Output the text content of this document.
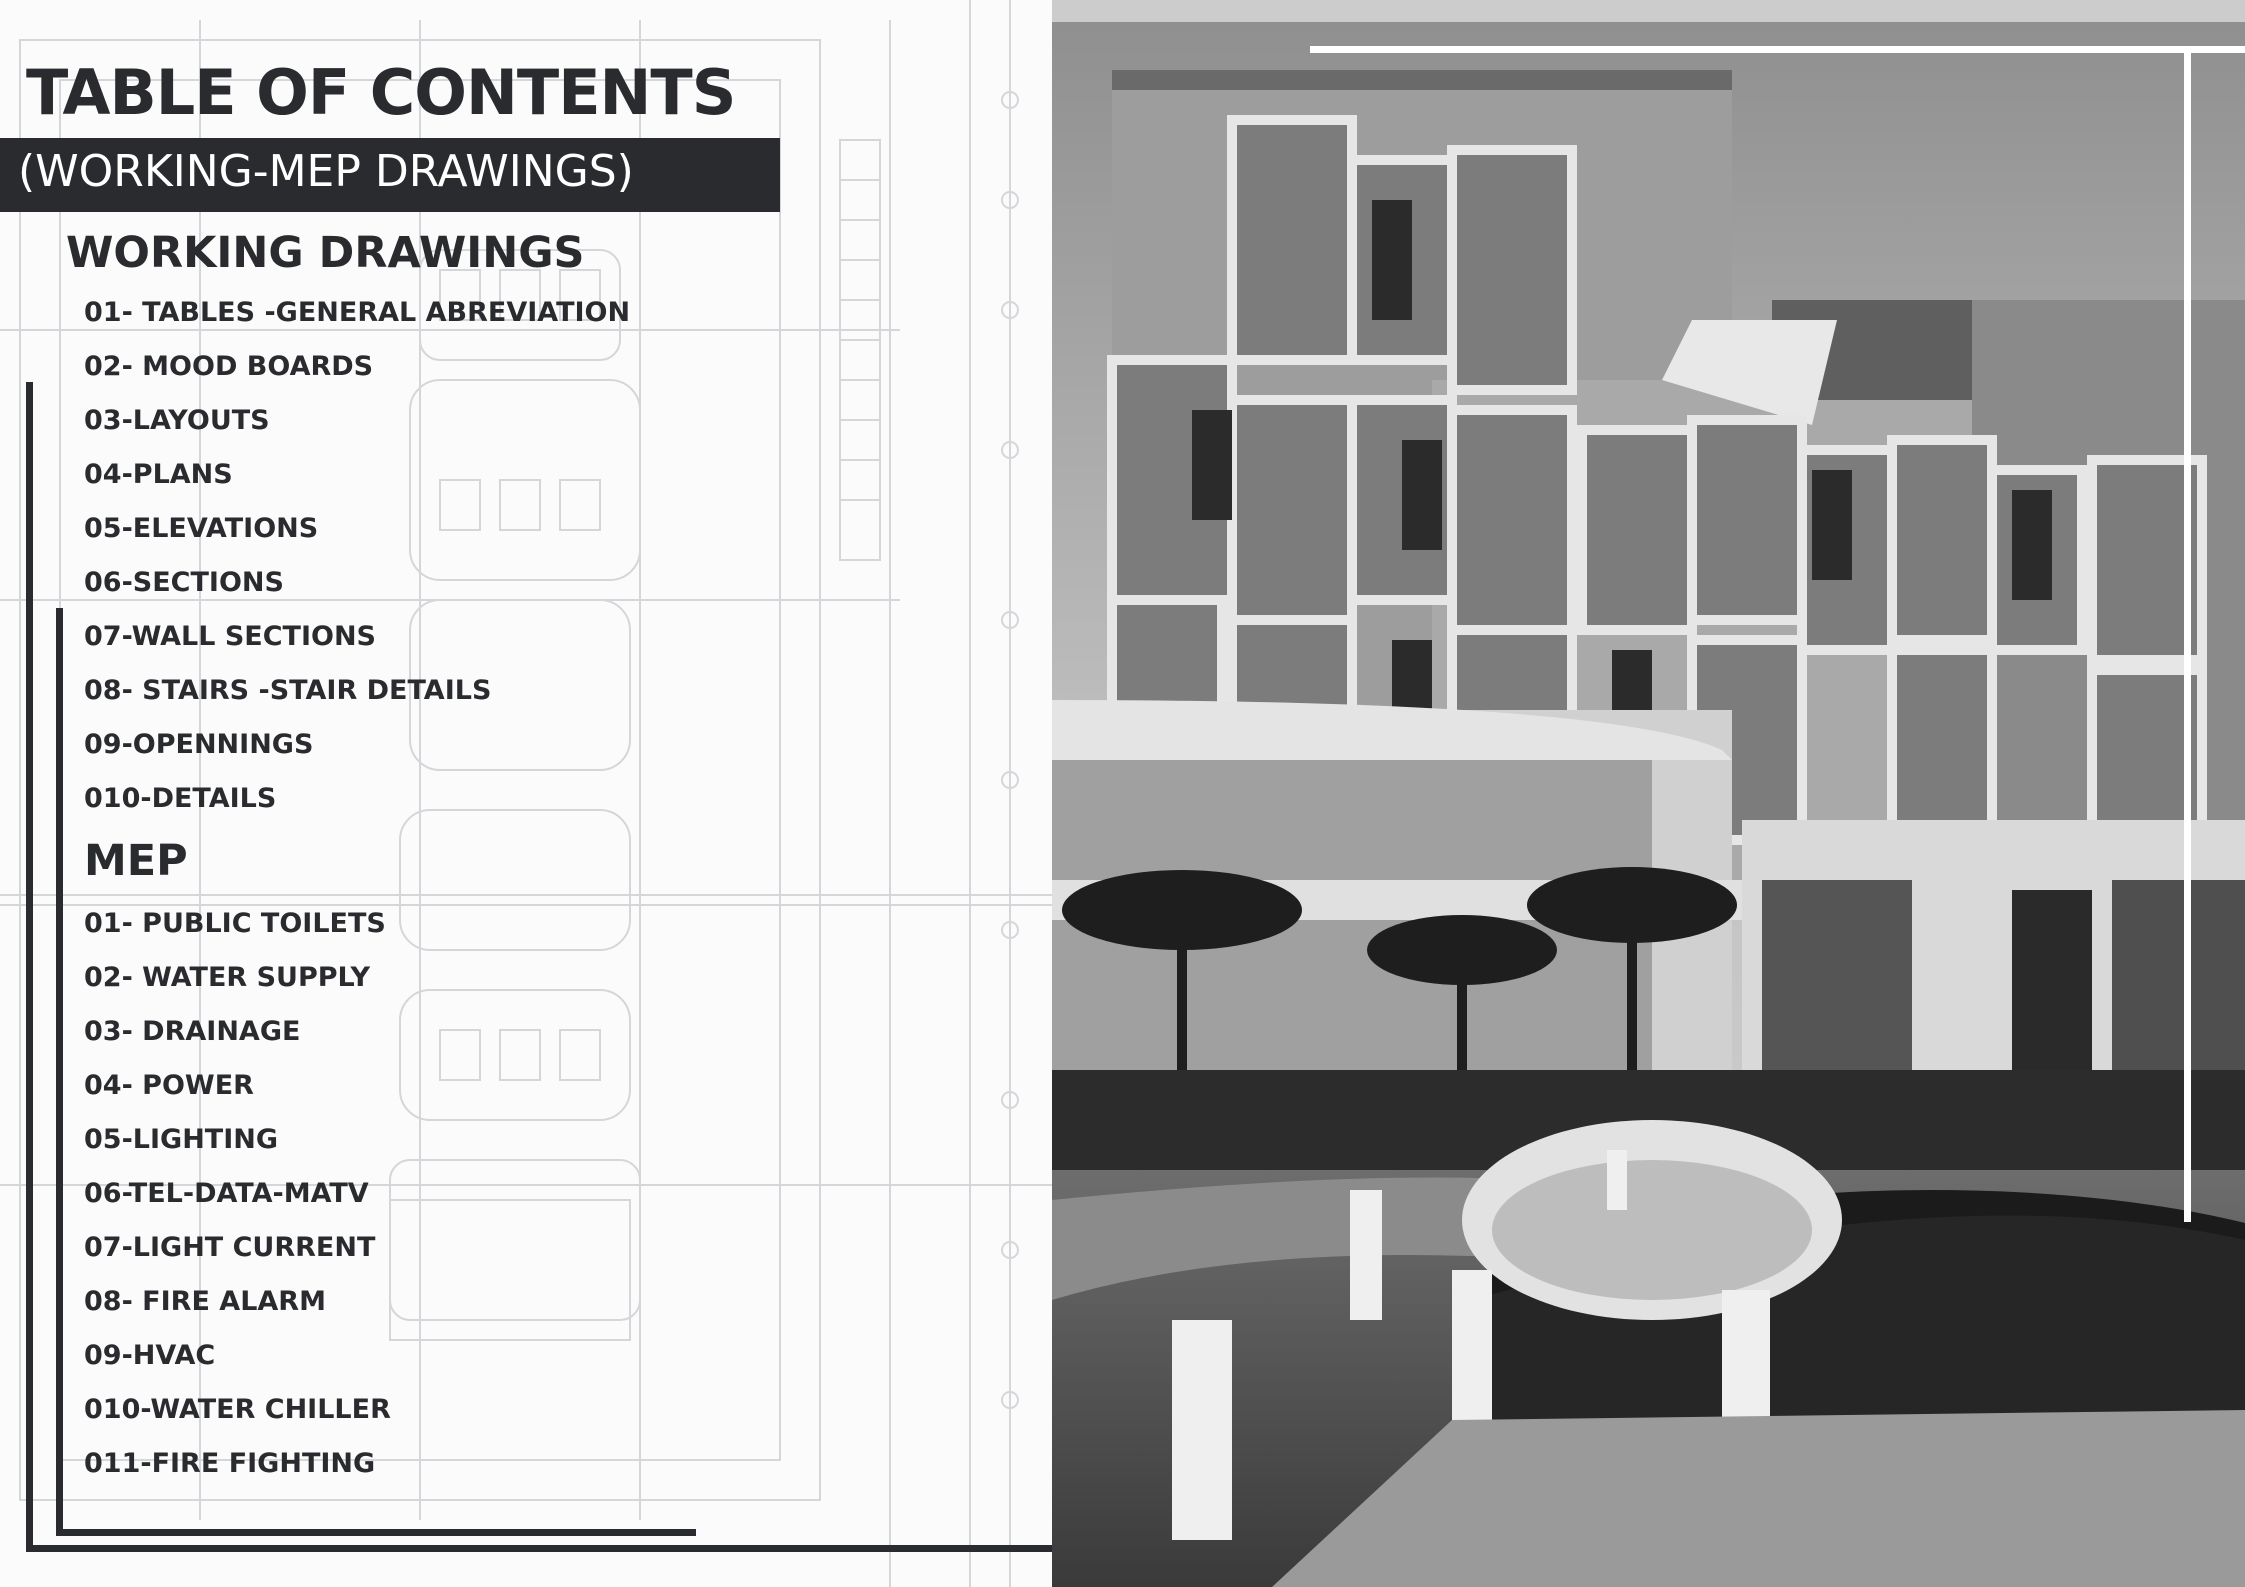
TABLE OF CONTENTS
(WORKING-MEP DRAWINGS)
WORKING DRAWINGS
01- TABLES -GENERAL ABREVIATION
02- MOOD BOARDS
03-LAYOUTS
04-PLANS
05-ELEVATIONS
06-SECTIONS
07-WALL SECTIONS
08- STAIRS -STAIR DETAILS
09-OPENNINGS
010-DETAILS
MEP
01- PUBLIC TOILETS
02- WATER SUPPLY
03- DRAINAGE
04- POWER
05-LIGHTING
06-TEL-DATA-MATV
07-LIGHT CURRENT
08- FIRE ALARM
09-HVAC
010-WATER CHILLER
011-FIRE FIGHTING
